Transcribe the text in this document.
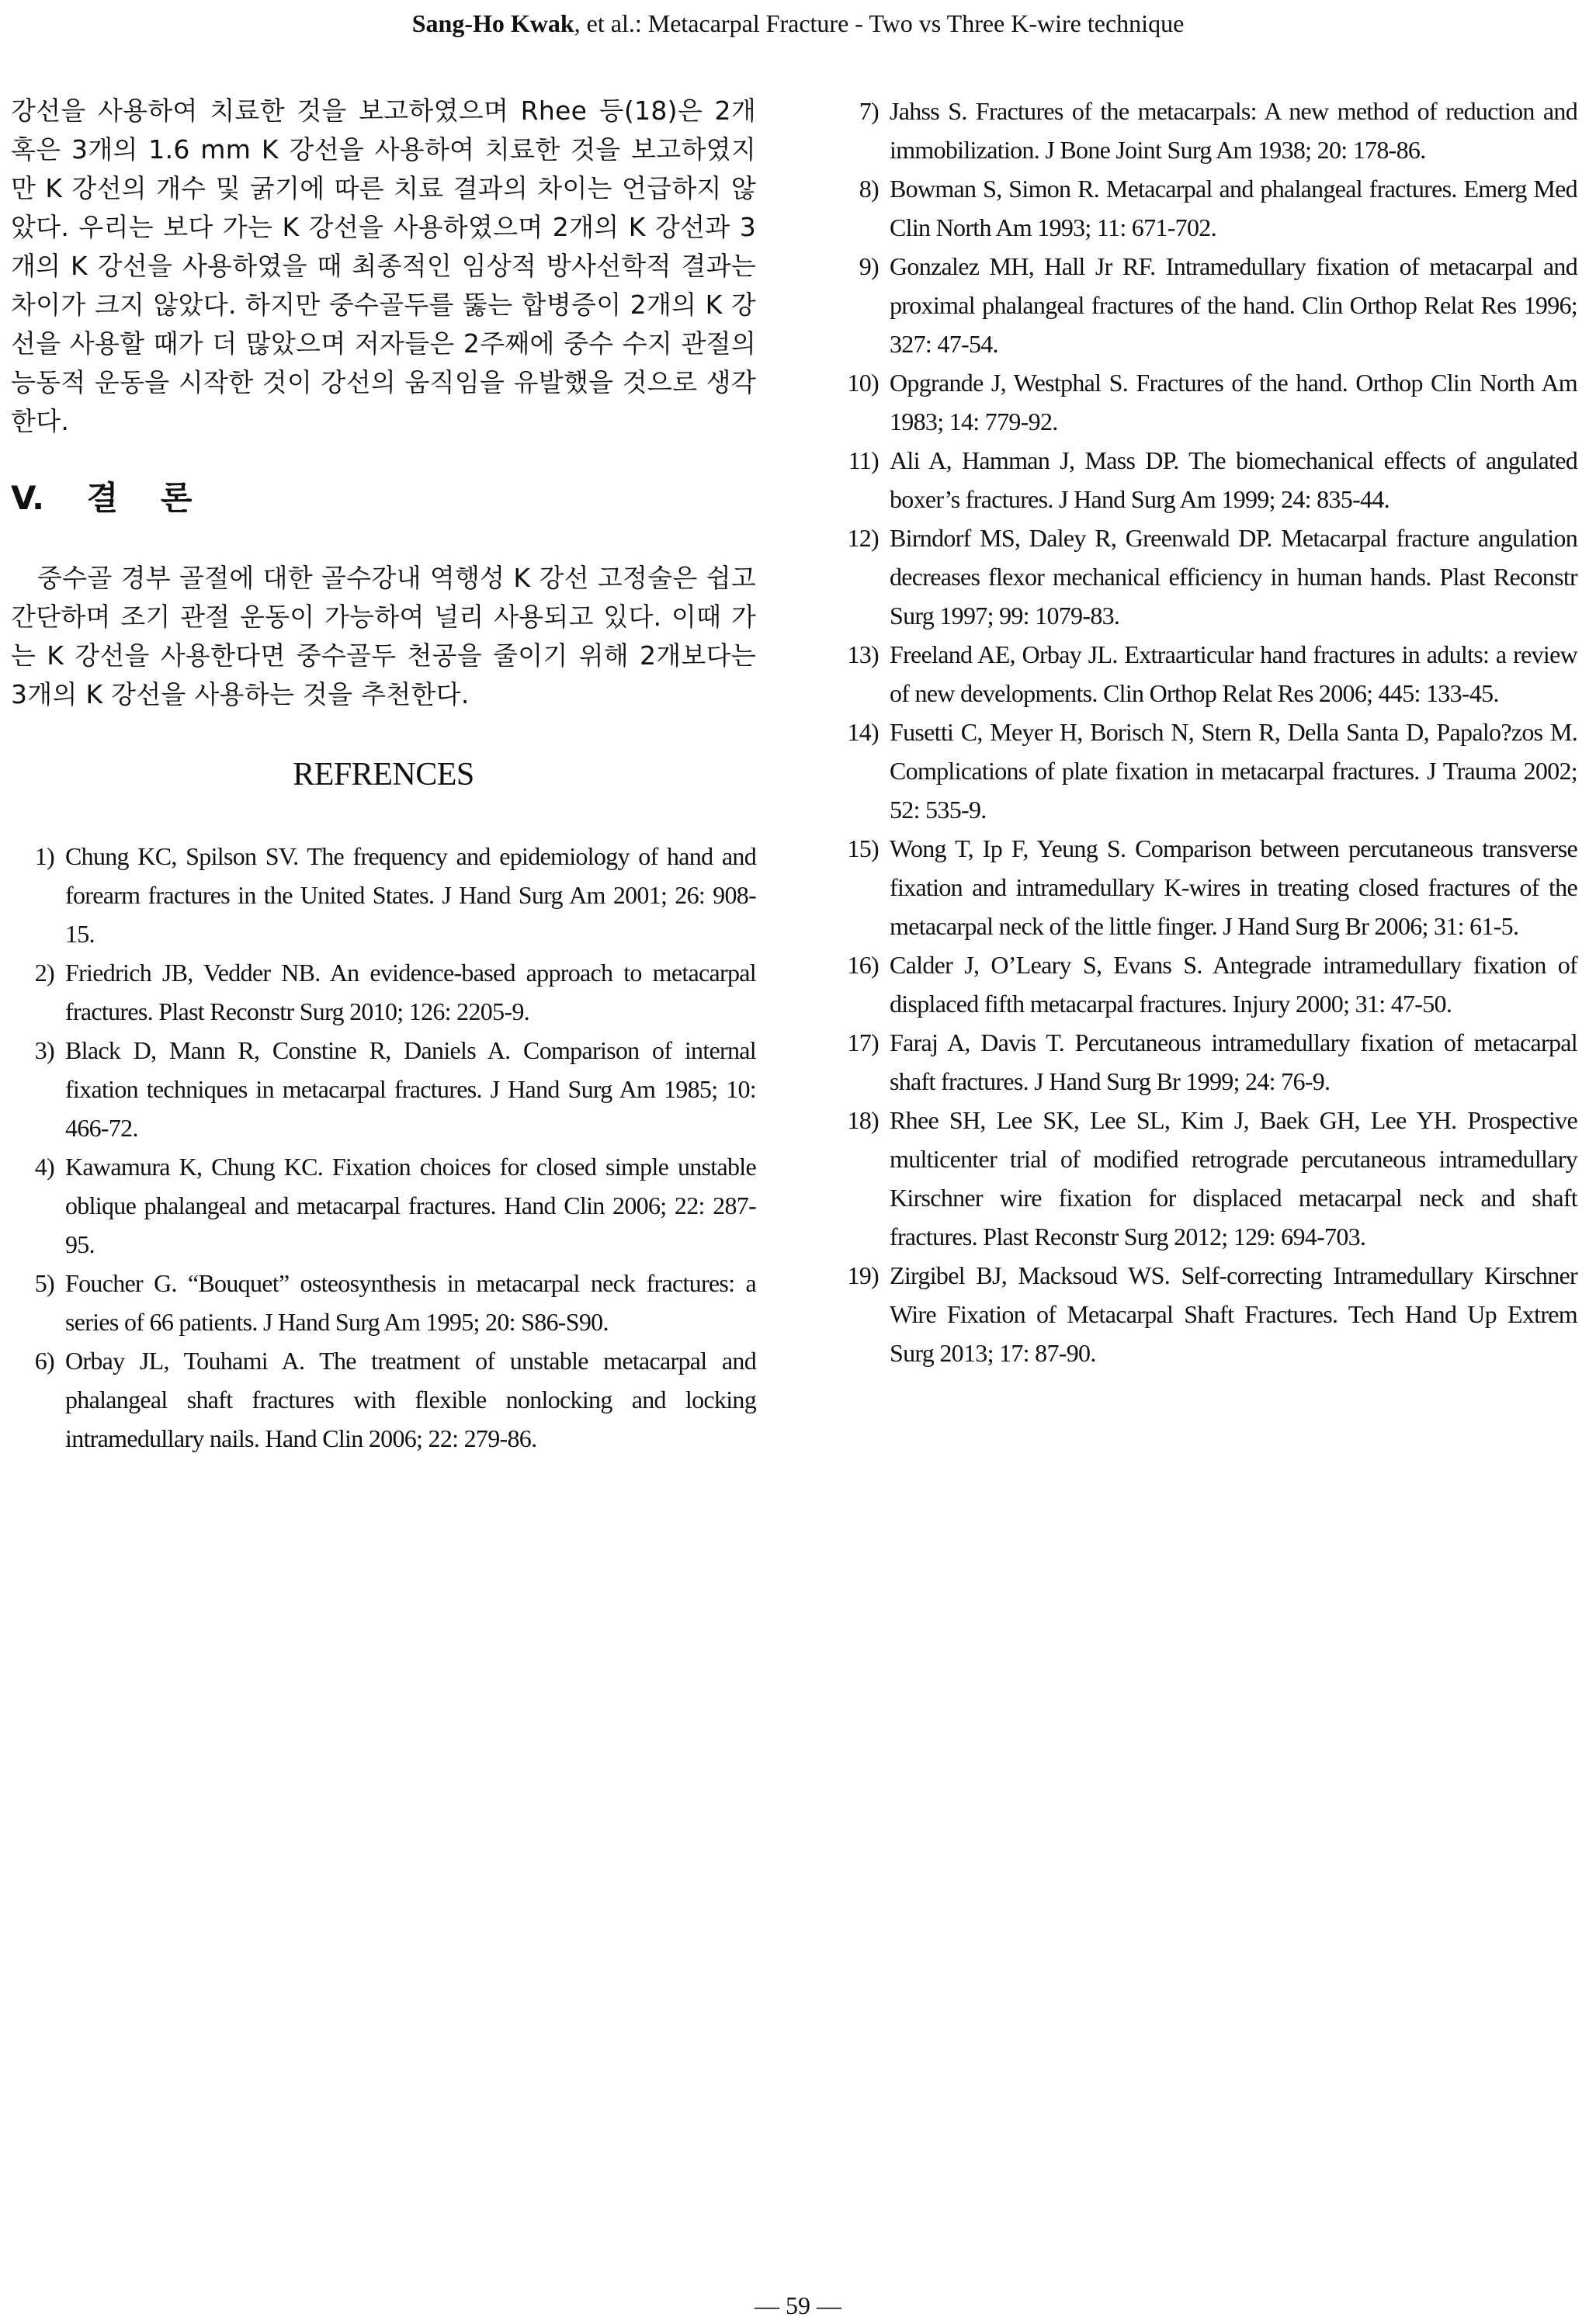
Sang-Ho Kwak, et al.: Metacarpal Fracture - Two vs Three K-wire technique

강선을 사용하여 치료한 것을 보고하였으며 Rhee 등(18)은 2개 혹은 3개의 1.6 mm K 강선을 사용하여 치료한 것을 보고하였지만 K 강선의 개수 및 굵기에 따른 치료 결과의 차이는 언급하지 않았다. 우리는 보다 가는 K 강선을 사용하였으며 2개의 K 강선과 3개의 K 강선을 사용하였을 때 최종적인 임상적 방사선학적 결과는 차이가 크지 않았다. 하지만 중수골두를 뚫는 합병증이 2개의 K 강선을 사용할 때가 더 많았으며 저자들은 2주째에 중수 수지 관절의 능동적 운동을 시작한 것이 강선의 움직임을 유발했을 것으로 생각한다.

V. 결 론

중수골 경부 골절에 대한 골수강내 역행성 K 강선 고정술은 쉽고 간단하며 조기 관절 운동이 가능하여 널리 사용되고 있다. 이때 가는 K 강선을 사용한다면 중수골두 천공을 줄이기 위해 2개보다는 3개의 K 강선을 사용하는 것을 추천한다.

REFRENCES
1) Chung KC, Spilson SV. The frequency and epidemiology of hand and forearm fractures in the United States. J Hand Surg Am 2001; 26: 908-15.
2) Friedrich JB, Vedder NB. An evidence-based approach to metacarpal fractures. Plast Reconstr Surg 2010; 126: 2205-9.
3) Black D, Mann R, Constine R, Daniels A. Comparison of internal fixation techniques in metacarpal fractures. J Hand Surg Am 1985; 10: 466-72.
4) Kawamura K, Chung KC. Fixation choices for closed simple unstable oblique phalangeal and metacarpal fractures. Hand Clin 2006; 22: 287-95.
5) Foucher G. “Bouquet” osteosynthesis in metacarpal neck fractures: a series of 66 patients. J Hand Surg Am 1995; 20: S86-S90.
6) Orbay JL, Touhami A. The treatment of unstable metacarpal and phalangeal shaft fractures with flexible nonlocking and locking intramedullary nails. Hand Clin 2006; 22: 279-86.
7) Jahss S. Fractures of the metacarpals: A new method of reduction and immobilization. J Bone Joint Surg Am 1938; 20: 178-86.
8) Bowman S, Simon R. Metacarpal and phalangeal fractures. Emerg Med Clin North Am 1993; 11: 671-702.
9) Gonzalez MH, Hall Jr RF. Intramedullary fixation of metacarpal and proximal phalangeal fractures of the hand. Clin Orthop Relat Res 1996; 327: 47-54.
10) Opgrande J, Westphal S. Fractures of the hand. Orthop Clin North Am 1983; 14: 779-92.
11) Ali A, Hamman J, Mass DP. The biomechanical effects of angulated boxer’s fractures. J Hand Surg Am 1999; 24: 835-44.
12) Birndorf MS, Daley R, Greenwald DP. Metacarpal fracture angulation decreases flexor mechanical efficiency in human hands. Plast Reconstr Surg 1997; 99: 1079-83.
13) Freeland AE, Orbay JL. Extraarticular hand fractures in adults: a review of new developments. Clin Orthop Relat Res 2006; 445: 133-45.
14) Fusetti C, Meyer H, Borisch N, Stern R, Della Santa D, Papalo?zos M. Complications of plate fixation in metacarpal fractures. J Trauma 2002; 52: 535-9.
15) Wong T, Ip F, Yeung S. Comparison between percutaneous transverse fixation and intramedullary K-wires in treating closed fractures of the metacarpal neck of the little finger. J Hand Surg Br 2006; 31: 61-5.
16) Calder J, O’Leary S, Evans S. Antegrade intramedullary fixation of displaced fifth metacarpal fractures. Injury 2000; 31: 47-50.
17) Faraj A, Davis T. Percutaneous intramedullary fixation of metacarpal shaft fractures. J Hand Surg Br 1999; 24: 76-9.
18) Rhee SH, Lee SK, Lee SL, Kim J, Baek GH, Lee YH. Prospective multicenter trial of modified retrograde percutaneous intramedullary Kirschner wire fixation for displaced metacarpal neck and shaft fractures. Plast Reconstr Surg 2012; 129: 694-703.
19) Zirgibel BJ, Macksoud WS. Self-correcting Intramedullary Kirschner Wire Fixation of Metacarpal Shaft Fractures. Tech Hand Up Extrem Surg 2013; 17: 87-90.
— 59 —
